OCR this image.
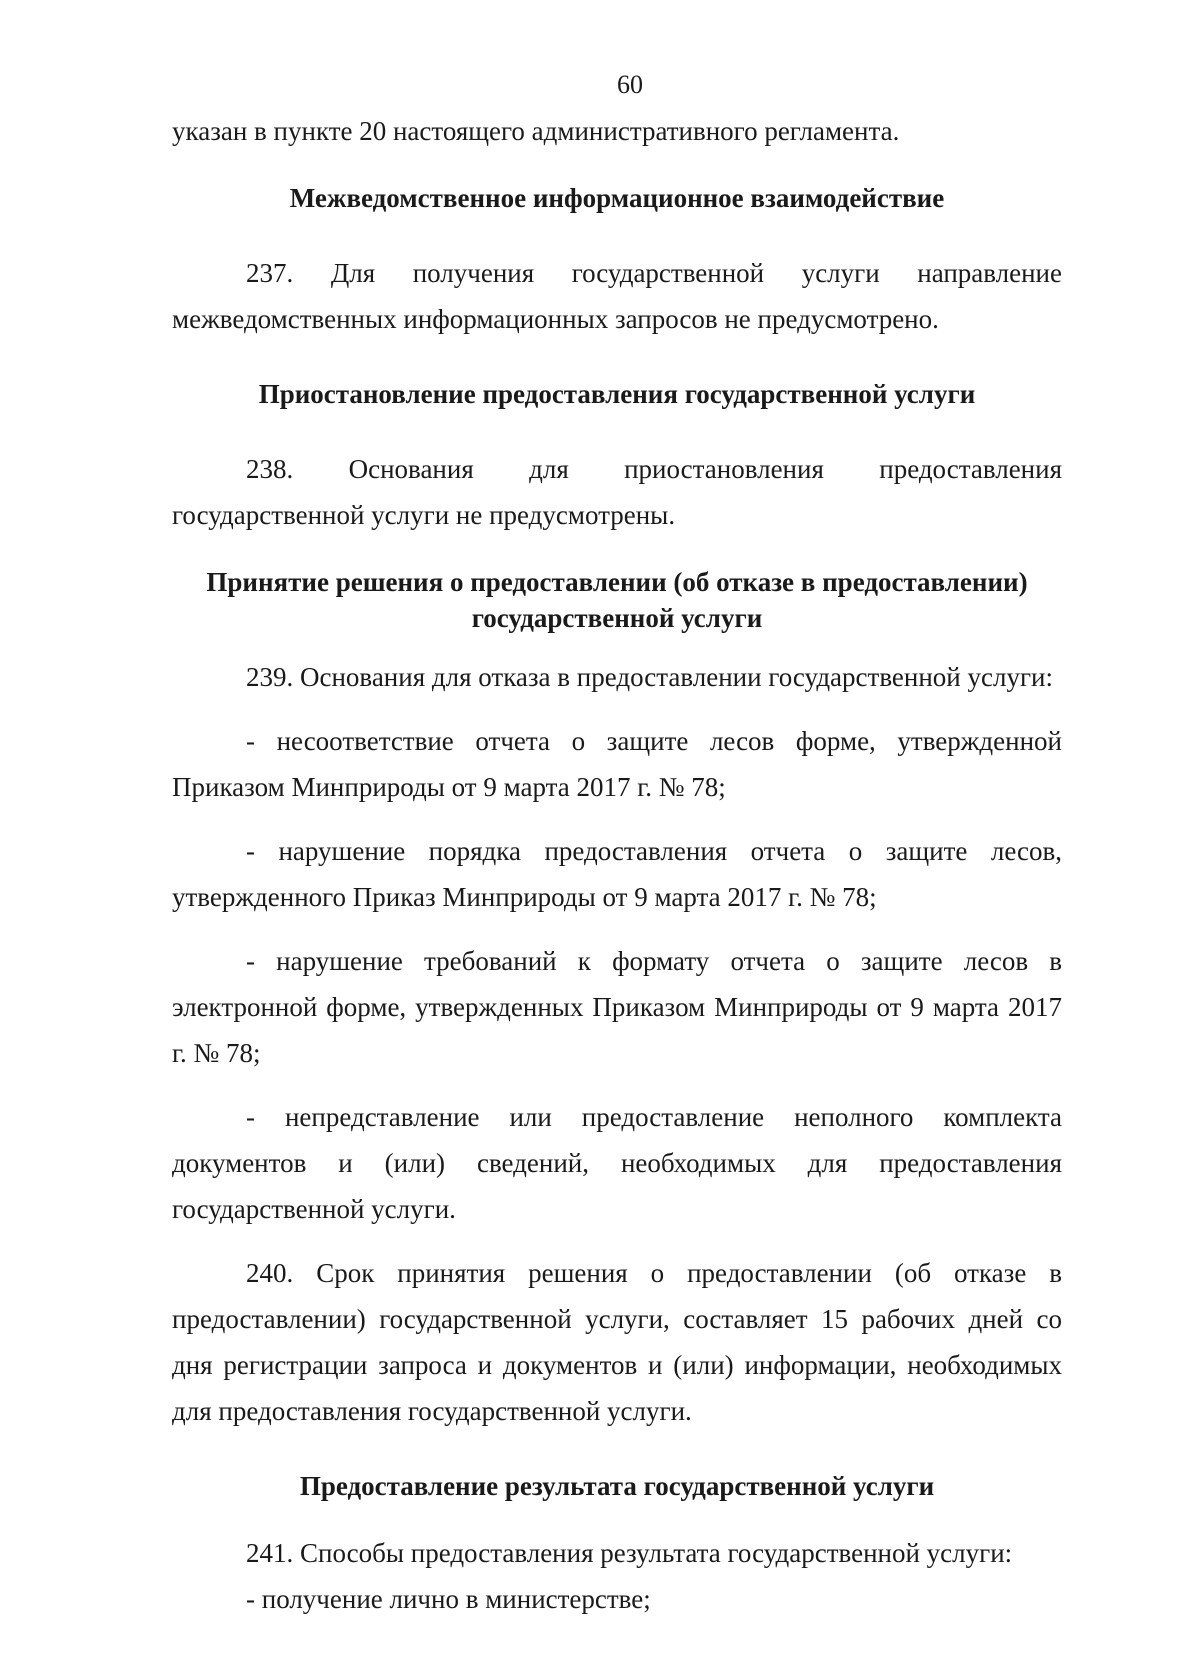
60

указан в пункте 20 настоящего административного регламента.

Межведомственное информационное взаимодействие

237. Для получения государственной услуги направление межведомственных информационных запросов не предусмотрено.

Приостановление предоставления государственной услуги

238. Основания для приостановления предоставления государственной услуги не предусмотрены.

Принятие решения о предоставлении (об отказе в предоставлении) государственной услуги

239. Основания для отказа в предоставлении государственной услуги:

- несоответствие отчета о защите лесов форме, утвержденной Приказом Минприроды от 9 марта 2017 г. № 78;

- нарушение порядка предоставления отчета о защите лесов, утвержденного Приказ Минприроды от 9 марта 2017 г. № 78;

- нарушение требований к формату отчета о защите лесов в электронной форме, утвержденных Приказом Минприроды от 9 марта 2017 г. № 78;

- непредставление или предоставление неполного комплекта документов и (или) сведений, необходимых для предоставления государственной услуги.

240. Срок принятия решения о предоставлении (об отказе в предоставлении) государственной услуги, составляет 15 рабочих дней со дня регистрации запроса и документов и (или) информации, необходимых для предоставления государственной услуги.

Предоставление результата государственной услуги

241. Способы предоставления результата государственной услуги:

- получение лично в министерстве;
